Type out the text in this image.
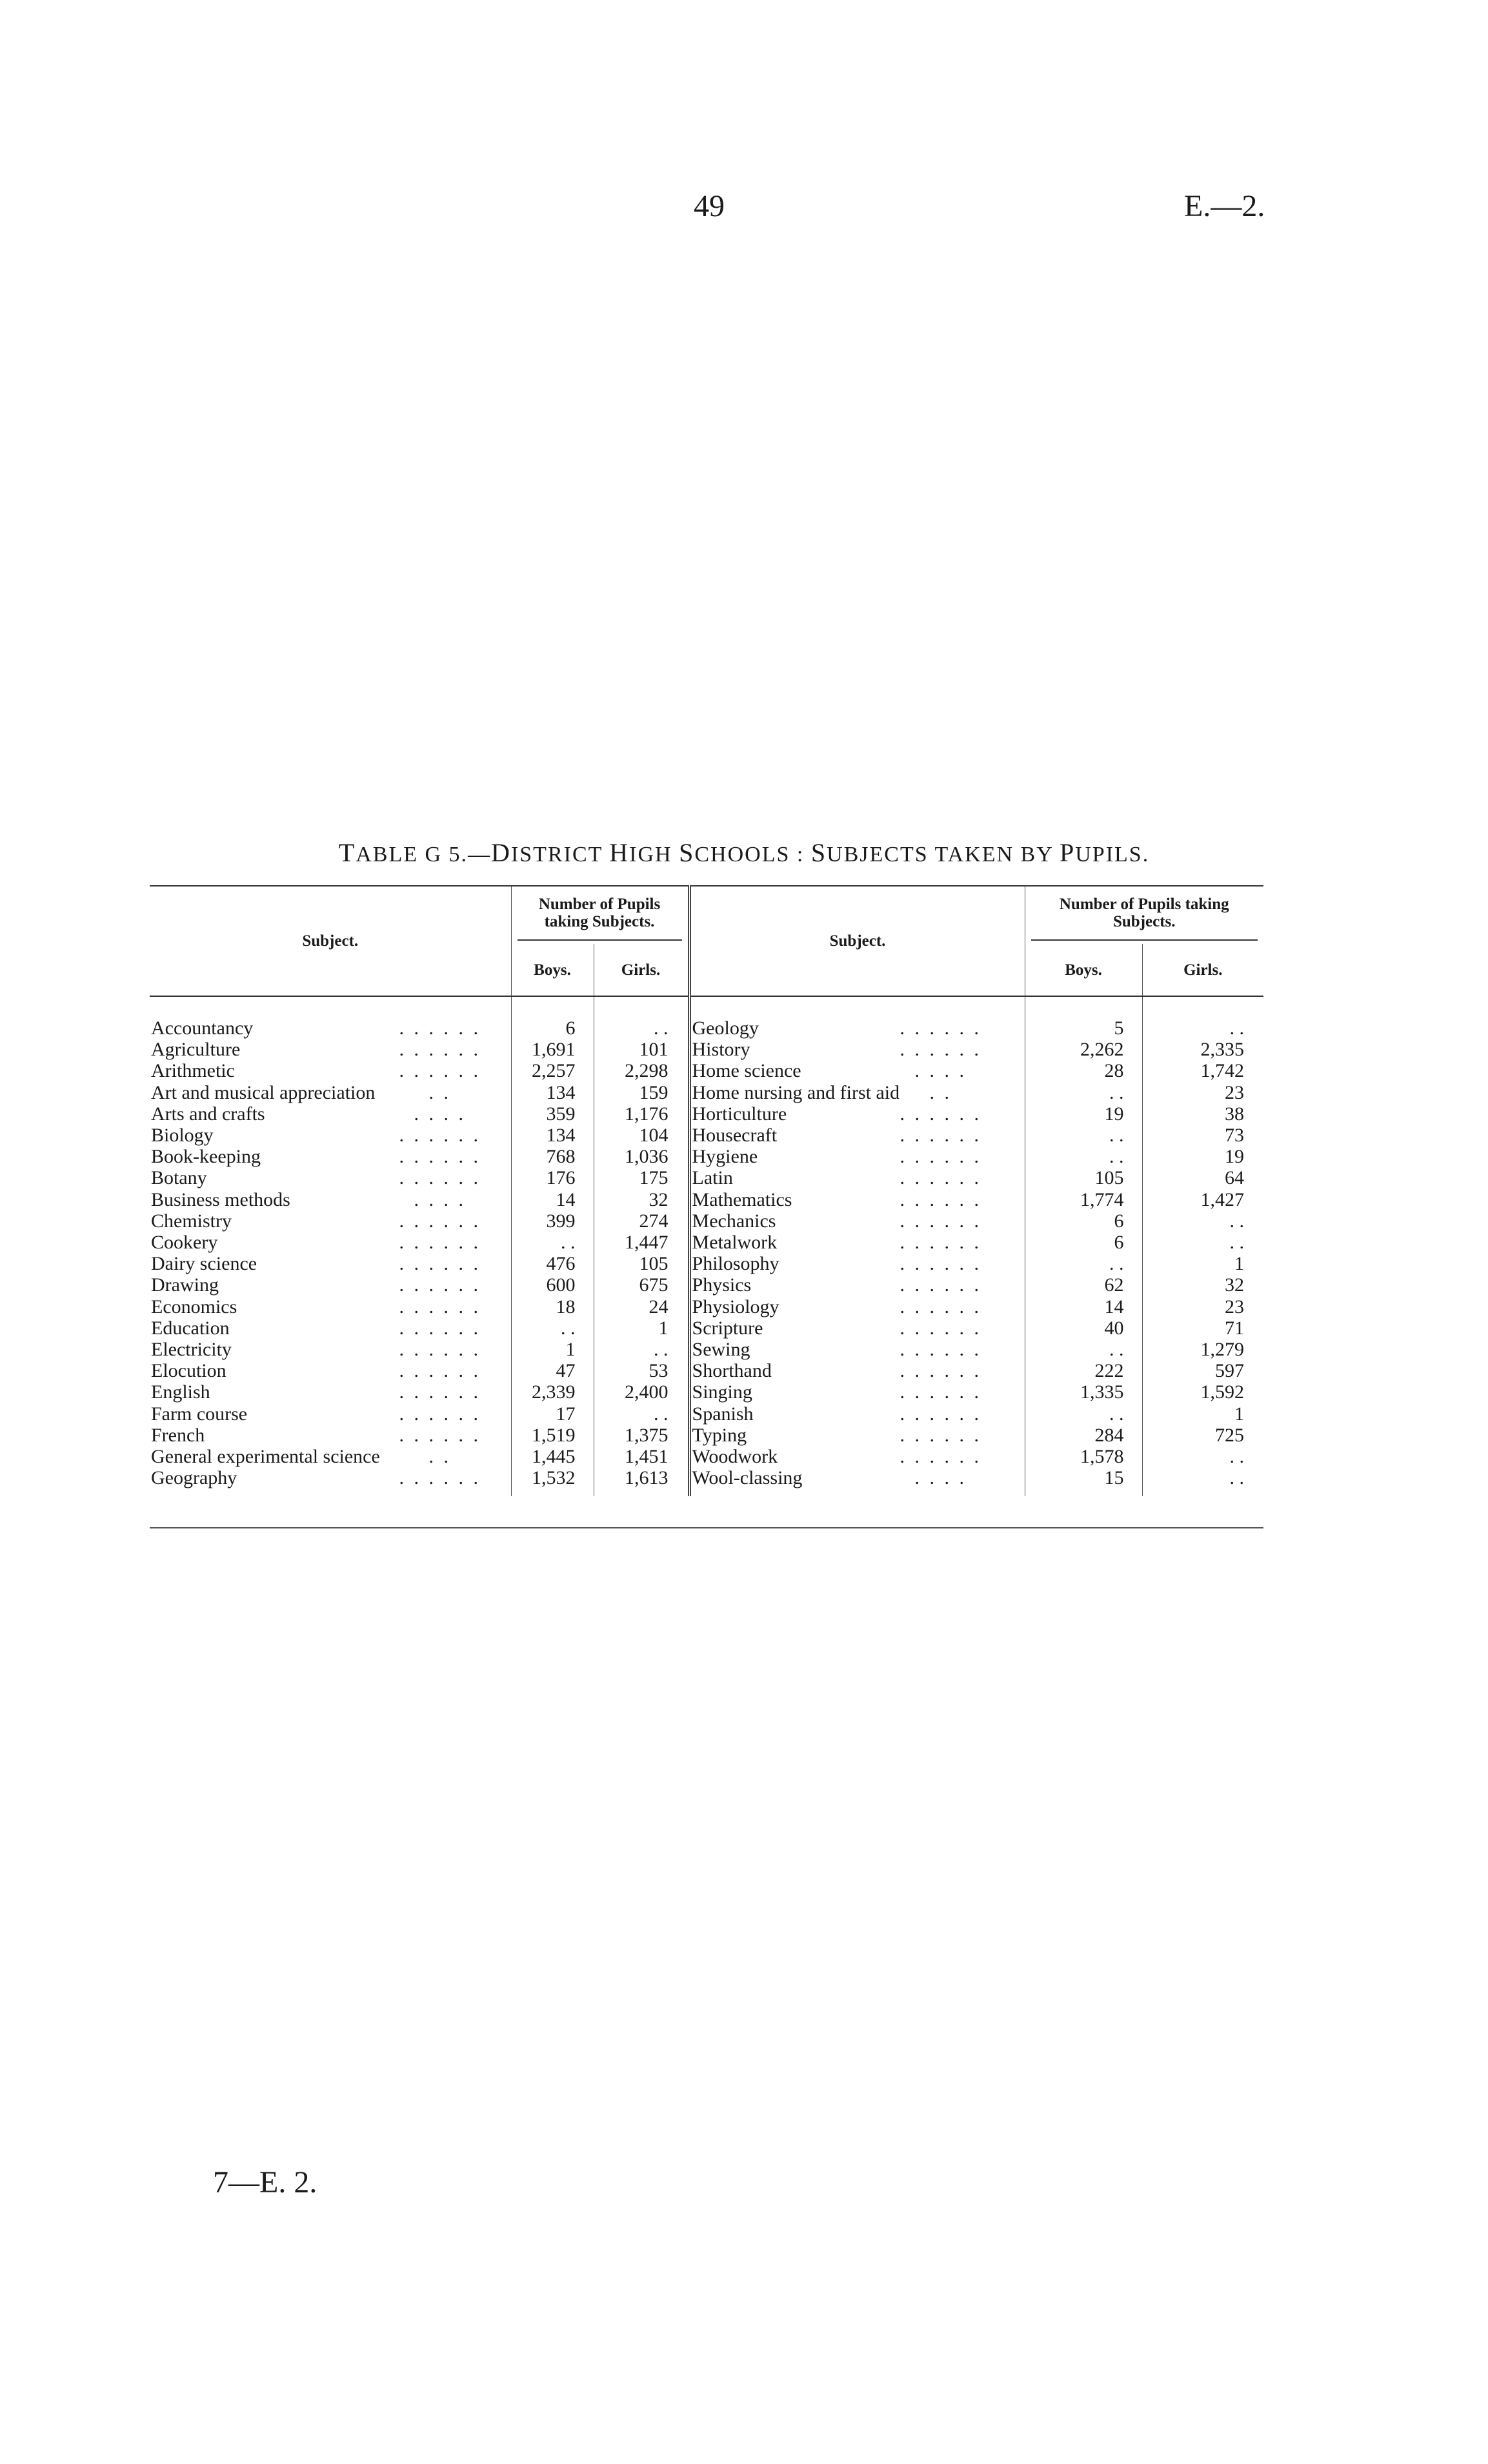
49	E.—2.
TABLE G 5.—DISTRICT HIGH SCHOOLS : SUBJECTS TAKEN BY PUPILS.
Subject.		Number of Pupils taking Subjects.		Subject.		Number of Pupils taking Subjects.	

		Boys.	Girls.			Boys.	Girls.

Accountancy	. . . . . .	6	. .	Geology	. . . . . .	5	. .
Agriculture	. . . . . .	1,691	101	History	. . . . . .	2,262	2,335
Arithmetic	. . . . . .	2,257	2,298	Home science	. . . .	28	1,742
Art and musical appreciation	. .	134	159	Home nursing and first aid	. .	. .	23
Arts and crafts	. . . .	359	1,176	Horticulture	. . . . . .	19	38
Biology	. . . . . .	134	104	Housecraft	. . . . . .	. .	73
Book-keeping	. . . . . .	768	1,036	Hygiene	. . . . . .	. .	19
Botany	. . . . . .	176	175	Latin	. . . . . .	105	64
Business methods	. . . .	14	32	Mathematics	. . . . . .	1,774	1,427
Chemistry	. . . . . .	399	274	Mechanics	. . . . . .	6	. .
Cookery	. . . . . .	. .	1,447	Metalwork	. . . . . .	6	. .
Dairy science	. . . . . .	476	105	Philosophy	. . . . . .	. .	1
Drawing	. . . . . .	600	675	Physics	. . . . . .	62	32
Economics	. . . . . .	18	24	Physiology	. . . . . .	14	23
Education	. . . . . .	. .	1	Scripture	. . . . . .	40	71
Electricity	. . . . . .	1	. .	Sewing	. . . . . .	. .	1,279
Elocution	. . . . . .	47	53	Shorthand	. . . . . .	222	597
English	. . . . . .	2,339	2,400	Singing	. . . . . .	1,335	1,592
Farm course	. . . . . .	17	. .	Spanish	. . . . . .	. .	1
French	. . . . . .	1,519	1,375	Typing	. . . . . .	284	725
General experimental science	. .	1,445	1,451	Woodwork	. . . . . .	1,578	. .
Geography	. . . . . .	1,532	1,613	Wool-classing	. . . .	15	. .
7—E. 2.
